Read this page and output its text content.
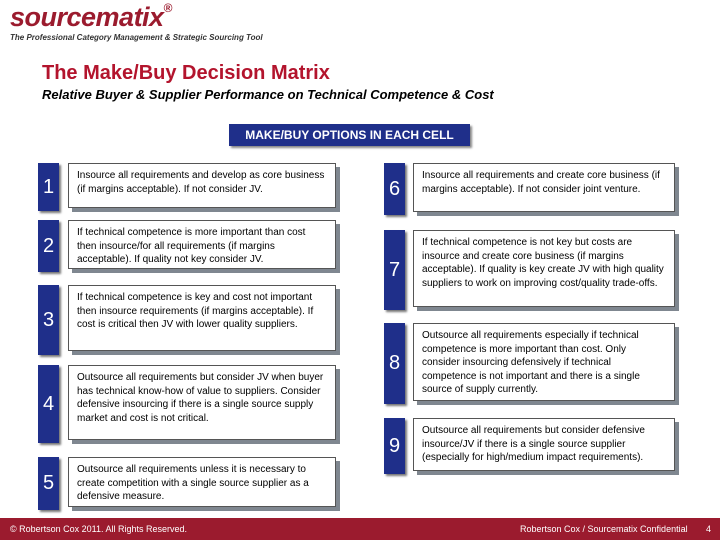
sourcematix®
The Professional Category Management & Strategic Sourcing Tool
The Make/Buy Decision Matrix
Relative Buyer & Supplier Performance on Technical Competence & Cost
MAKE/BUY OPTIONS IN EACH CELL
1
Insource all requirements and develop as core business (if margins acceptable). If not consider JV.
2
If technical competence is more important than cost then insource/for all requirements (if margins acceptable). If quality not key consider JV.
3
If technical competence is key and cost not important then insource requirements (if margins acceptable). If cost is critical then JV with lower quality suppliers.
4
Outsource all requirements but consider JV when buyer has technical know-how of value to suppliers. Consider defensive insourcing if there is a single source supply market and cost is not critical.
5
Outsource all requirements unless it is necessary to create competition with a single source supplier as a defensive measure.
6
Insource all requirements and create core business (if margins acceptable). If not consider joint venture.
7
If technical competence is not key but costs are insource and create core business (if margins acceptable). If quality is key create JV with high quality suppliers to work on improving cost/quality trade-offs.
8
Outsource all requirements especially if technical competence is more important than cost. Only consider insourcing defensively if technical competence is not important and there is a single source of supply currently.
9
Outsource all requirements but consider defensive insource/JV if there is a single source supplier (especially for high/medium impact requirements).
© Robertson Cox 2011. All Rights Reserved.	Robertson Cox / Sourcematix Confidential 4
